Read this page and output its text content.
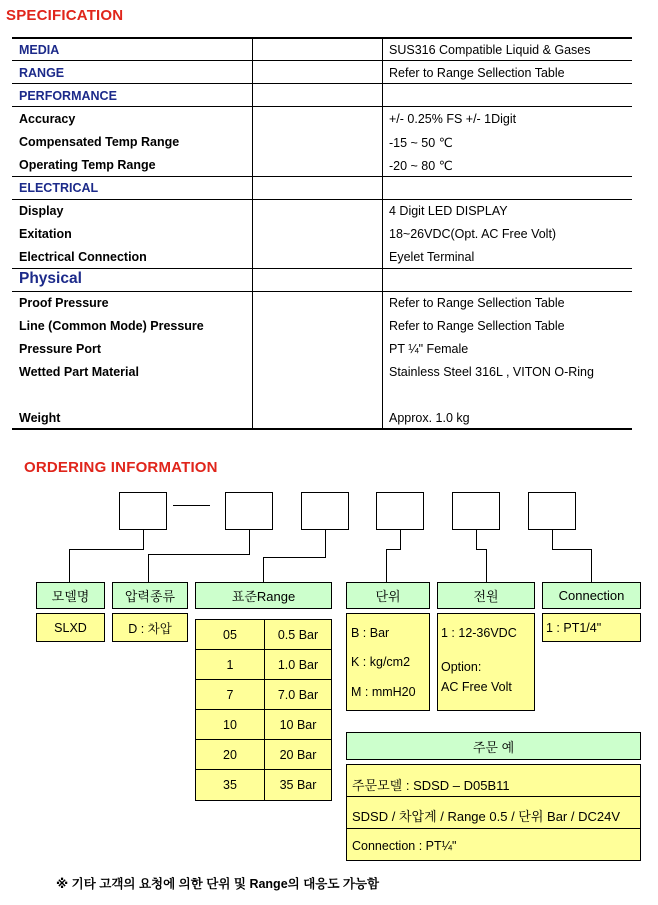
SPECIFICATION
MEDIA	SUS316 Compatible Liquid & Gases
RANGE	Refer to Range Sellection Table
PERFORMANCE
Accuracy	+/- 0.25% FS +/- 1Digit
Compensated Temp Range	-15 ~ 50 ℃
Operating Temp Range	-20 ~ 80 ℃
ELECTRICAL
Display	4 Digit LED DISPLAY
Exitation	18~26VDC(Opt. AC Free Volt)
Electrical Connection	Eyelet Terminal
Physical
Proof Pressure	Refer to Range Sellection Table
Line (Common Mode) Pressure	Refer to Range Sellection Table
Pressure Port	PT ¼" Female
Wetted Part Material	Stainless Steel 316L , VITON O-Ring
Weight	Approx. 1.0 kg
ORDERING INFORMATION
모델명	압력종류	표준Range	단위	전원	Connection
SLXD	D : 차압	05	0.5 Bar
1	1.0 Bar
7	7.0 Bar
10	10 Bar
20	20 Bar
35	35 Bar
B : Bar
K : kg/cm2
M : mmH20
1 : 12-36VDC
Option:
AC Free Volt
1 : PT1/4"
주문 예
주문모델 : SDSD – D05B11
SDSD / 차압계 / Range 0.5 / 단위 Bar / DC24V
Connection : PT¼"
※ 기타 고객의 요청에 의한 단위 및 Range의 대응도 가능함
